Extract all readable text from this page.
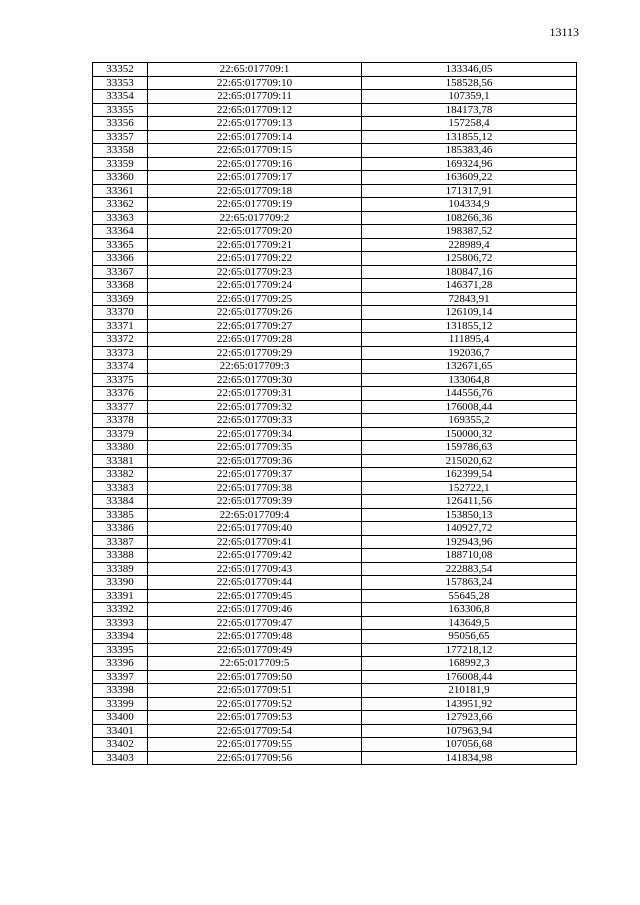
13113
33352	22:65:017709:1	133346,05
33353	22:65:017709:10	158528,56
33354	22:65:017709:11	107359,1
33355	22:65:017709:12	184173,78
33356	22:65:017709:13	157258,4
33357	22:65:017709:14	131855,12
33358	22:65:017709:15	185383,46
33359	22:65:017709:16	169324,96
33360	22:65:017709:17	163609,22
33361	22:65:017709:18	171317,91
33362	22:65:017709:19	104334,9
33363	22:65:017709:2	108266,36
33364	22:65:017709:20	198387,52
33365	22:65:017709:21	228989,4
33366	22:65:017709:22	125806,72
33367	22:65:017709:23	180847,16
33368	22:65:017709:24	146371,28
33369	22:65:017709:25	72843,91
33370	22:65:017709:26	126109,14
33371	22:65:017709:27	131855,12
33372	22:65:017709:28	111895,4
33373	22:65:017709:29	192036,7
33374	22:65:017709:3	132671,65
33375	22:65:017709:30	133064,8
33376	22:65:017709:31	144556,76
33377	22:65:017709:32	176008,44
33378	22:65:017709:33	169355,2
33379	22:65:017709:34	150000,32
33380	22:65:017709:35	159786,63
33381	22:65:017709:36	215020,62
33382	22:65:017709:37	162399,54
33383	22:65:017709:38	152722,1
33384	22:65:017709:39	126411,56
33385	22:65:017709:4	153850,13
33386	22:65:017709:40	140927,72
33387	22:65:017709:41	192943,96
33388	22:65:017709:42	188710,08
33389	22:65:017709:43	222883,54
33390	22:65:017709:44	157863,24
33391	22:65:017709:45	55645,28
33392	22:65:017709:46	163306,8
33393	22:65:017709:47	143649,5
33394	22:65:017709:48	95056,65
33395	22:65:017709:49	177218,12
33396	22:65:017709:5	168992,3
33397	22:65:017709:50	176008,44
33398	22:65:017709:51	210181,9
33399	22:65:017709:52	143951,92
33400	22:65:017709:53	127923,66
33401	22:65:017709:54	107963,94
33402	22:65:017709:55	107056,68
33403	22:65:017709:56	141834,98
